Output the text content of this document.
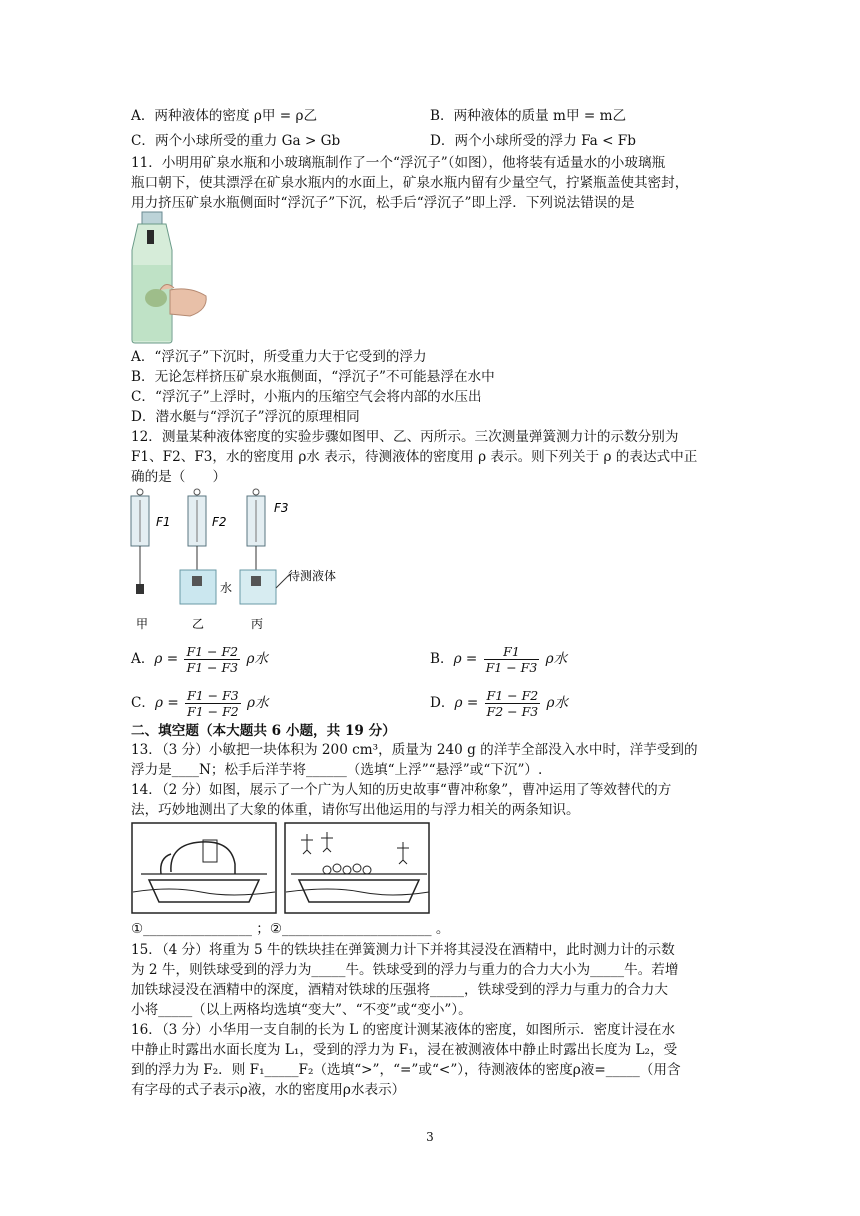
A．两种液体的密度 ρ甲 = ρ乙	B．两种液体的质量 m甲 = m乙
C．两个小球所受的重力 Ga > Gb	D．两个小球所受的浮力 Fa < Fb
11．小明用矿泉水瓶和小玻璃瓶制作了一个“浮沉子”（如图），他将装有适量水的小玻璃瓶
瓶口朝下，使其漂浮在矿泉水瓶内的水面上，矿泉水瓶内留有少量空气，拧紧瓶盖使其密封，
用力挤压矿泉水瓶侧面时“浮沉子”下沉，松手后“浮沉子”即上浮．下列说法错误的是
A．“浮沉子”下沉时，所受重力大于它受到的浮力
B．无论怎样挤压矿泉水瓶侧面，“浮沉子”不可能悬浮在水中
C．“浮沉子”上浮时，小瓶内的压缩空气会将内部的水压出
D．潜水艇与“浮沉子”浮沉的原理相同
12．测量某种液体密度的实验步骤如图甲、乙、丙所示。三次测量弹簧测力计的示数分别为
F1、F2、F3，水的密度用 ρ水 表示，待测液体的密度用 ρ 表示。则下列关于 ρ 的表达式中正
确的是（　　）
F1	F2
水
F3
待测液体
甲	乙	丙
A．$\rho = \frac{F1 - F2}{F1 - F3}$ ρ水	B．$\rho = \frac{F1}{F1 - F3}$ ρ水
C．$\rho = \frac{F1 - F3}{F1 - F2}$ ρ水	D．$\rho = \frac{F1 - F2}{F2 - F3}$ ρ水
二、填空题（本大题共 6 小题，共 19 分）
13．（3 分）小敏把一块体积为 200 cm³，质量为 240 g 的洋芋全部没入水中时，洋芋受到的
浮力是____N；松手后洋芋将______（选填“上浮”“悬浮”或“下沉”）.
14．（2 分）如图，展示了一个广为人知的历史故事“曹冲称象”，曹冲运用了等效替代的方
法，巧妙地测出了大象的体重，请你写出他运用的与浮力相关的两条知识。
①________________ ；②______________________ 。
15．（4 分）将重为 5 牛的铁块挂在弹簧测力计下并将其浸没在酒精中，此时测力计的示数
为 2 牛，则铁球受到的浮力为_____牛。铁球受到的浮力与重力的合力大小为_____牛。若增
加铁球浸没在酒精中的深度，酒精对铁球的压强将_____，铁球受到的浮力与重力的合力大
小将_____（以上两格均选填“变大”、“不变”或“变小”）。
16．（3 分）小华用一支自制的长为 L 的密度计测某液体的密度，如图所示．密度计浸在水
中静止时露出水面长度为 L₁，受到的浮力为 F₁，浸在被测液体中静止时露出长度为 L₂，受
到的浮力为 F₂．则 F₁_____F₂（选填“>”，“=”或“<”），待测液体的密度ρ液=_____（用含
有字母的式子表示ρ液，水的密度用ρ水表示）
3
